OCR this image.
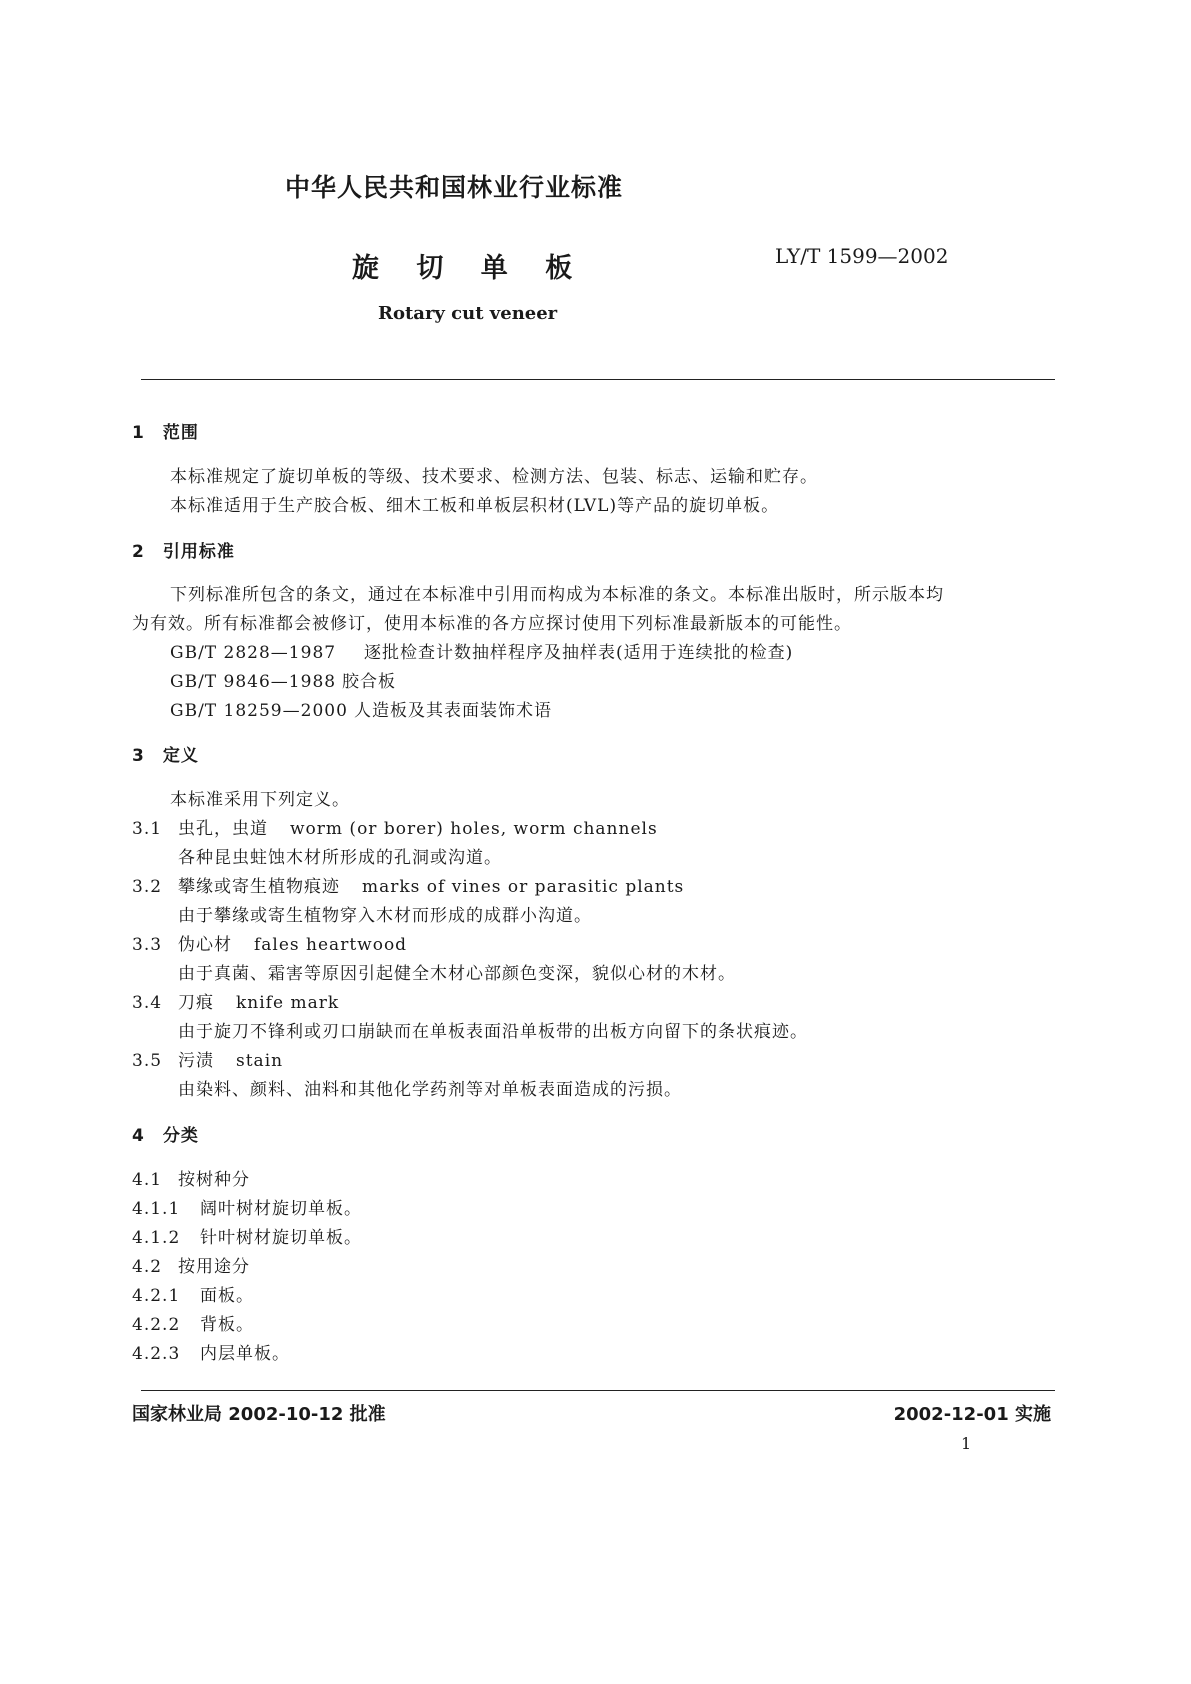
中华人民共和国林业行业标准
旋 切 单 板	LY/T 1599—2002
Rotary cut veneer
1　范围
本标准规定了旋切单板的等级、技术要求、检测方法、包装、标志、运输和贮存。
本标准适用于生产胶合板、细木工板和单板层积材(LVL)等产品的旋切单板。
2　引用标准
下列标准所包含的条文，通过在本标准中引用而构成为本标准的条文。本标准出版时，所示版本均
为有效。所有标准都会被修订，使用本标准的各方应探讨使用下列标准最新版本的可能性。
GB/T 2828—1987 逐批检查计数抽样程序及抽样表(适用于连续批的检查)
GB/T 9846—1988 胶合板
GB/T 18259—2000 人造板及其表面装饰术语
3　定义
本标准采用下列定义。
3.1 虫孔，虫道 worm (or borer) holes, worm channels
各种昆虫蛀蚀木材所形成的孔洞或沟道。
3.2 攀缘或寄生植物痕迹 marks of vines or parasitic plants
由于攀缘或寄生植物穿入木材而形成的成群小沟道。
3.3 伪心材 fales heartwood
由于真菌、霜害等原因引起健全木材心部颜色变深，貌似心材的木材。
3.4 刀痕 knife mark
由于旋刀不锋利或刃口崩缺而在单板表面沿单板带的出板方向留下的条状痕迹。
3.5 污渍 stain
由染料、颜料、油料和其他化学药剂等对单板表面造成的污损。
4　分类
4.1 按树种分
4.1.1 阔叶树材旋切单板。
4.1.2 针叶树材旋切单板。
4.2 按用途分
4.2.1 面板。
4.2.2 背板。
4.2.3 内层单板。
国家林业局 2002-10-12 批准	2002-12-01 实施
1
